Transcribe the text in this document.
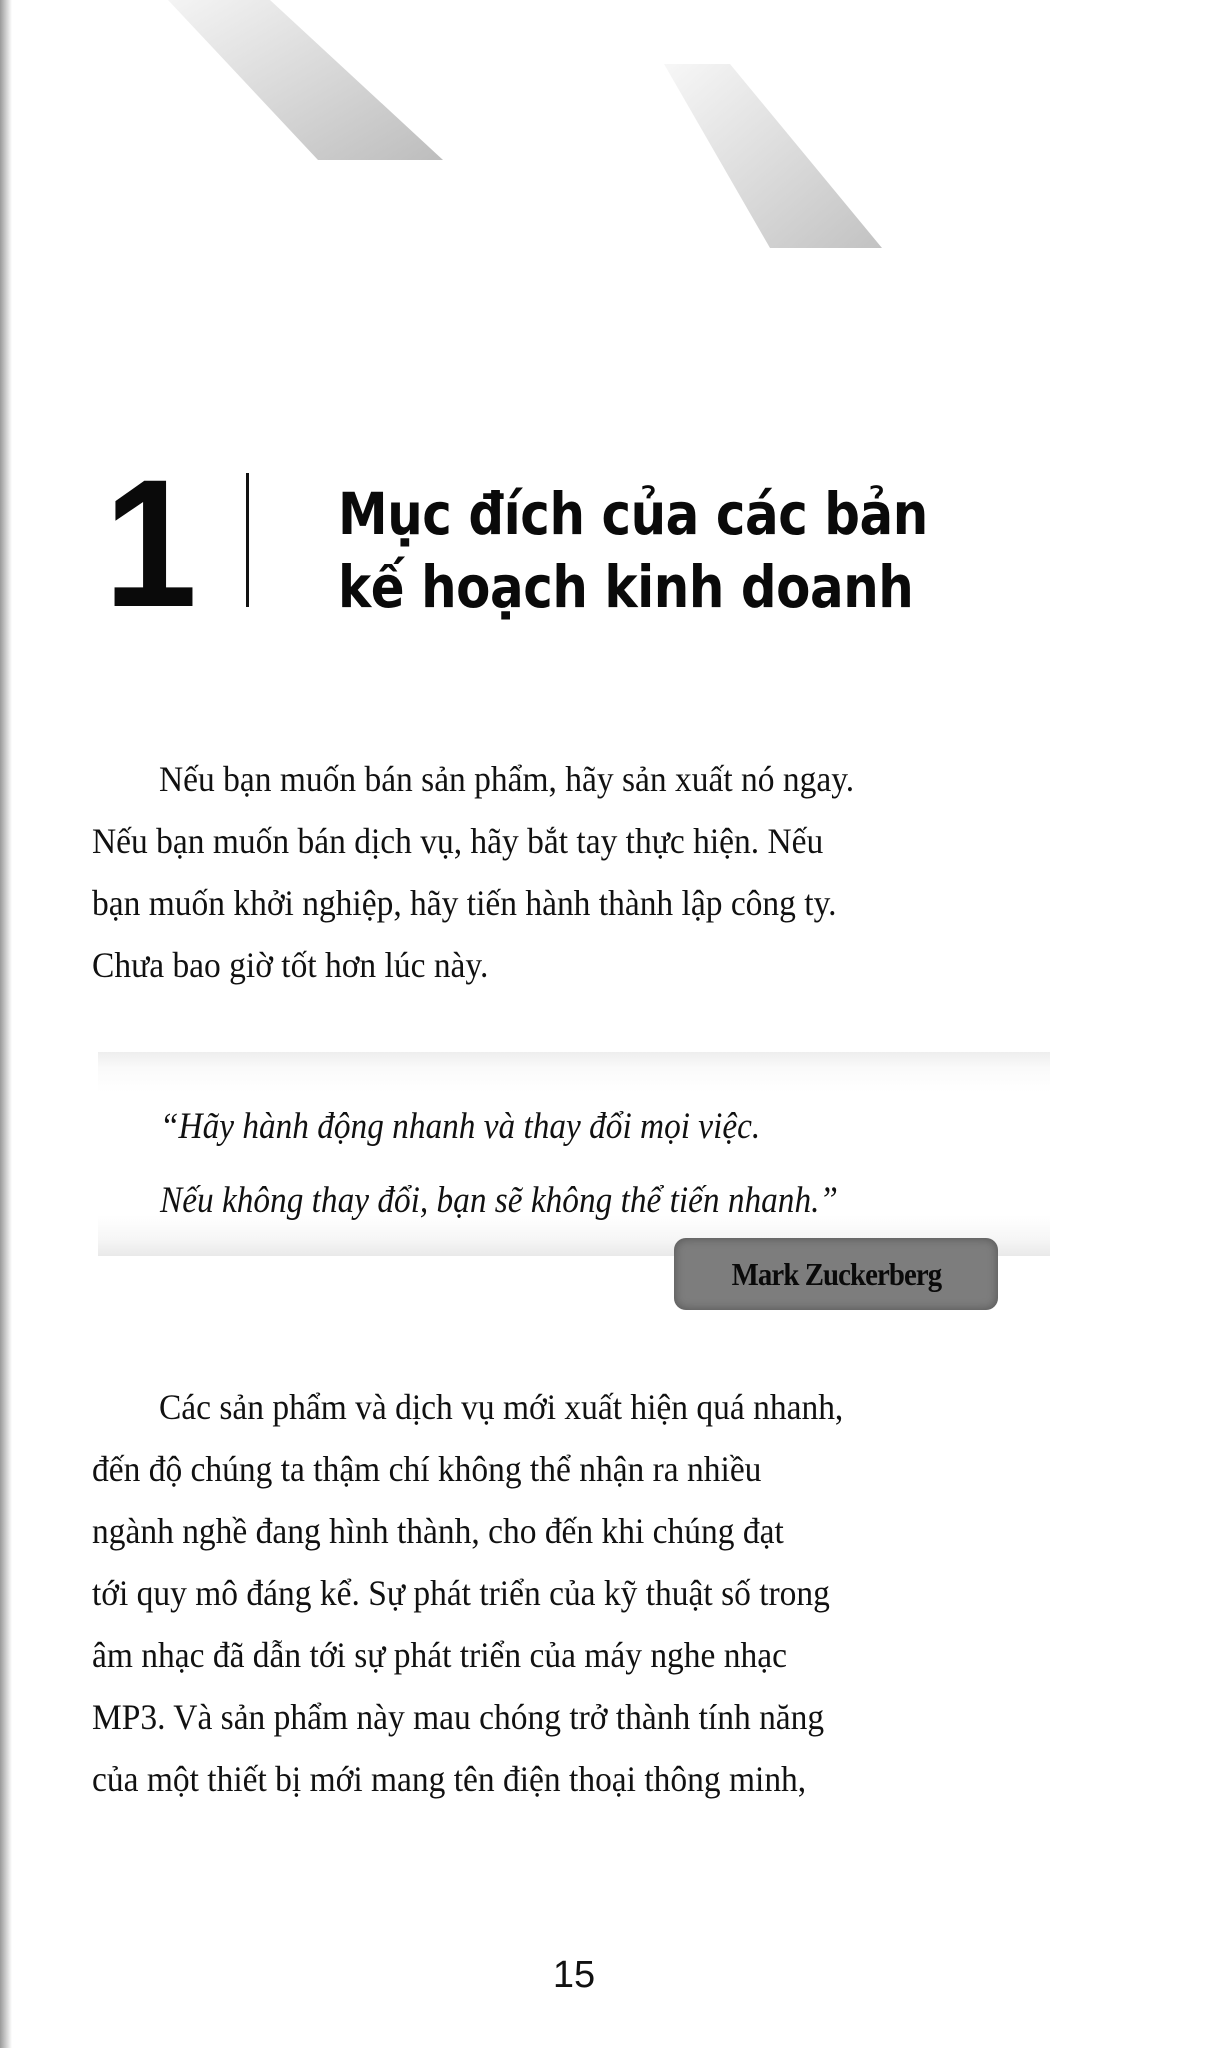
1 Mục đích của các bản
kế hoạch kinh doanh
Nếu bạn muốn bán sản phẩm, hãy sản xuất nó ngay.
Nếu bạn muốn bán dịch vụ, hãy bắt tay thực hiện. Nếu
bạn muốn khởi nghiệp, hãy tiến hành thành lập công ty.
Chưa bao giờ tốt hơn lúc này.
“Hãy hành động nhanh và thay đổi mọi việc.
Nếu không thay đổi, bạn sẽ không thể tiến nhanh.”
Mark Zuckerberg
Các sản phẩm và dịch vụ mới xuất hiện quá nhanh,
đến độ chúng ta thậm chí không thể nhận ra nhiều
ngành nghề đang hình thành, cho đến khi chúng đạt
tới quy mô đáng kể. Sự phát triển của kỹ thuật số trong
âm nhạc đã dẫn tới sự phát triển của máy nghe nhạc
MP3. Và sản phẩm này mau chóng trở thành tính năng
của một thiết bị mới mang tên điện thoại thông minh,
15
